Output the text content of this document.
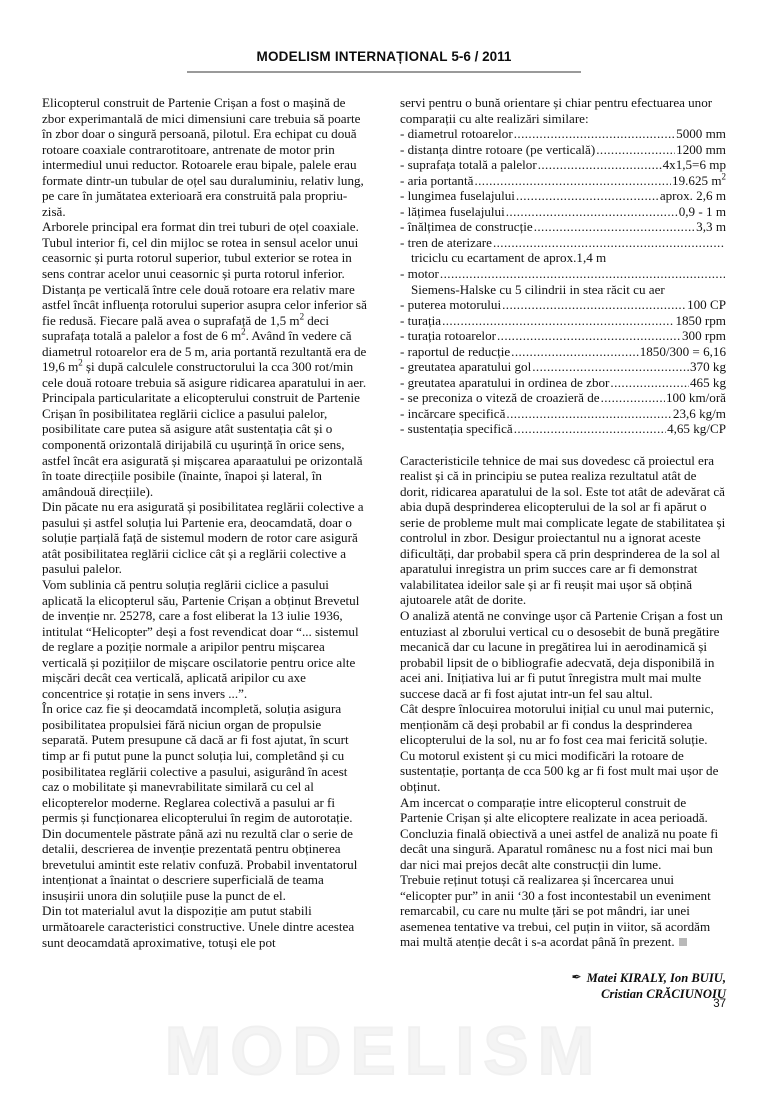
MODELISM INTERNAȚIONAL 5-6 / 2011

Elicopterul construit de Partenie Crișan a fost o mașină de zbor experimantală de mici dimensiuni care trebuia să poarte în zbor doar o singură persoană, pilotul. Era echipat cu două rotoare coaxiale contrarotitoare, antrenate de motor prin intermediul unui reductor. Rotoarele erau bipale, palele erau formate dintr-un tubular de oțel sau duraluminiu, relativ lung, pe care în jumătatea exterioară era construită pala propriu-zisă.

Arborele principal era format din trei tuburi de oțel coaxiale. Tubul interior fi, cel din mijloc se rotea in sensul acelor unui ceasornic și purta rotorul superior, tubul exterior se rotea in sens contrar acelor unui ceasornic și purta rotorul inferior. Distanța pe verticală între cele două rotoare era relativ mare astfel încât influența rotorului superior asupra celor inferior să fie redusă. Fiecare pală avea o suprafață de 1,5 $m^2$ deci suprafața totală a palelor a fost de 6 $m^2$. Având în vedere că diametrul rotoarelor era de 5 m, aria portantă rezultantă era de 19,6 $m^2$ și după calculele constructorului la cca 300 rot/min cele două rotoare trebuia să asigure ridicarea aparatului in aer.

Principala particularitate a elicopterului construit de Partenie Crișan în posibilitatea reglării ciclice a pasului palelor, posibilitate care putea să asigure atât sustentația cât și o componentă orizontală dirijabilă cu ușurință în orice sens, astfel încât era asigurată și mișcarea aparaatului pe orizontală în toate direcțiile posibile (înainte, înapoi și lateral, în amândouă direcțiile).

Din păcate nu era asigurată și posibilitatea reglării colective a pasului și astfel soluția lui Partenie era, deocamdată, doar o soluție parțială față de sistemul modern de rotor care asigură atât posibilitatea reglării ciclice cât și a reglării colective a pasului palelor.

Vom sublinia că pentru soluția reglării ciclice a pasului aplicată la elicopterul său, Partenie Crișan a obținut Brevetul de invenție nr. 25278, care a fost eliberat la 13 iulie 1936, intitulat “Helicopter” deși a fost revendicat doar “... sistemul de reglare a poziție normale a aripilor pentru mișcarea verticală și pozițiilor de mișcare oscilatorie pentru orice alte mișcări decât cea verticală, aplicată aripilor cu axe concentrice și rotație in sens invers ...”.

În orice caz fie și deocamdată incompletă, soluția asigura posibilitatea propulsiei fără niciun organ de propulsie separată. Putem presupune că dacă ar fi fost ajutat, în scurt timp ar fi putut pune la punct soluția lui, completând și cu posibilitatea reglării colective a pasului, asigurând în acest caz o mobilitate și manevrabilitate similară cu cel al elicopterelor moderne. Reglarea colectivă a pasului ar fi permis și funcționarea elicopterului în regim de autorotație.

Din documentele păstrate până azi nu rezultă clar o serie de detalii, descrierea de invenție prezentată pentru obținerea brevetului amintit este relativ confuză. Probabil inventatorul intenționat a înaintat o descriere superficială de teama insușirii unora din soluțiile puse la punct de el.

Din tot materialul avut la dispoziție am putut stabili următoarele caracteristici constructive. Unele dintre acestea sunt deocamdată aproximative, totuși ele pot

servi pentru o bună orientare și chiar pentru efectuarea unor comparații cu alte realizări similare:

- diametrul rotoarelor .....	5000 mm
- distanța dintre rotoare (pe verticală) .....	1200 mm
- suprafața totală a palelor .....	4x1,5=6 mp
- aria portantă .....	19.625 $m^2$
- lungimea fuselajului .....	aprox. 2,6 m
- lățimea fuselajului .....	0,9 - 1 m
- înălțimea de construcție .....	3,3 m
- tren de aterizare
.....
triciclu cu ecartament de aprox.1,4 m
- motor
.....
Siemens-Halske cu 5 cilindrii in stea răcit cu aer
- puterea motorului .....	100 CP
- turația .....	1850 rpm
- turația rotoarelor .....	300 rpm
- raportul de reducție .....	1850/300 = 6,16
- greutatea aparatului gol .....	370 kg
- greutatea aparatului in ordinea de zbor .....	465 kg
- se preconiza o viteză de croazieră de .....	100 km/oră
- incărcare specifică .....	23,6 kg/m
- sustentația specifică .....	4,65 kg/CP

Caracteristicile tehnice de mai sus dovedesc că proiectul era realist și că in principiu se putea realiza rezultatul atât de dorit, ridicarea aparatului de la sol. Este tot atât de adevărat că abia după desprinderea elicopterului de la sol ar fi apărut o serie de probleme mult mai complicate legate de stabilitatea și controlul in zbor. Desigur proiectantul nu a ignorat aceste dificultăți, dar probabil spera că prin desprinderea de la sol al aparatului inregistra un prim succes care ar fi demonstrat valabilitatea ideilor sale și ar fi reușit mai ușor să obțină ajutoarele atât de dorite.

O analiză atentă ne convinge ușor că Partenie Crișan a fost un entuziast al zborului vertical cu o desosebit de bună pregătire mecanică dar cu lacune in pregătirea lui in aerodinamică și probabil lipsit de o bibliografie adecvată, deja disponibilă in acei ani. Inițiativa lui ar fi putut înregistra mult mai multe succese dacă ar fi fost ajutat intr-un fel sau altul.

Cât despre înlocuirea motorului inițial cu unul mai puternic, menționăm că deși probabil ar fi condus la desprinderea elicopterului de la sol, nu ar fo fost cea mai fericită soluție. Cu motorul existent și cu mici modificări la rotoare de sustentație, portanța de cca 500 kg ar fi fost mult mai ușor de obținut.

Am incercat o comparație intre elicopterul construit de Partenie Crișan și alte elicoptere realizate in acea perioadă. Concluzia finală obiectivă a unei astfel de analiză nu poate fi decât una singură. Aparatul românesc nu a fost nici mai bun dar nici mai prejos decât alte construcții din lume.

Trebuie reținut totuși că realizarea și încercarea unui “elicopter pur” in anii ‘30 a fost incontestabil un eveniment remarcabil, cu care nu multe țări se pot mândri, iar unei asemenea tentative va trebui, cel puțin in viitor, să acordăm mai multă atenție decât i s-a acordat până în prezent.

✒ Matei KIRALY, Ion BUIU,
Cristian CRĂCIUNOIU
37
MODELISM
